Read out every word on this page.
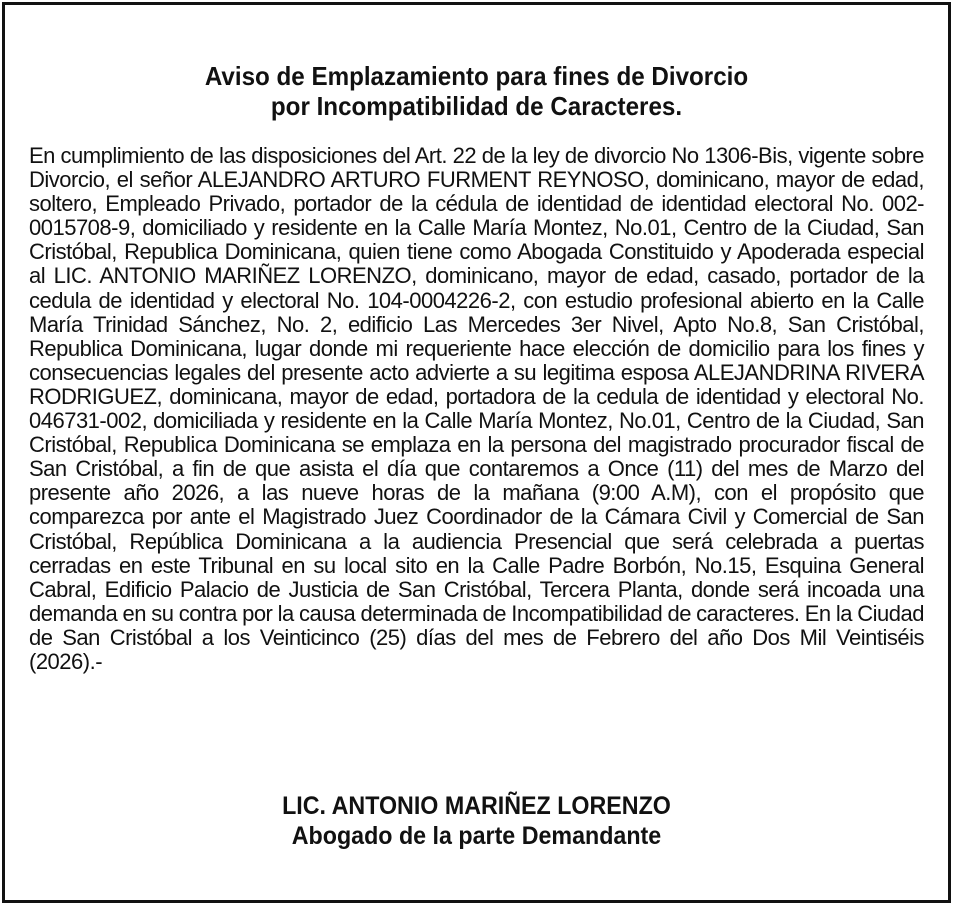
Aviso de Emplazamiento para fines de Divorcio
por Incompatibilidad de Caracteres.
En cumplimiento de las disposiciones del Art. 22 de la ley de divorcio No 1306-Bis, vigente sobre Divorcio, el señor ALEJANDRO ARTURO FURMENT REYNOSO, dominicano, mayor de edad, soltero, Empleado Privado, portador de la cédula de identidad de identidad electoral No. 002-0015708-9, domiciliado y residente en la Calle María Montez, No.01, Centro de la Ciudad, San Cristóbal, Republica Dominicana, quien tiene como Abogada Constituido y Apoderada especial al LIC. ANTONIO MARIÑEZ LORENZO, dominicano, mayor de edad, casado, portador de la cedula de identidad y electoral No. 104-0004226-2, con estudio profesional abierto en la Calle María Trinidad Sánchez, No. 2, edificio Las Mercedes 3er Nivel, Apto No.8, San Cristóbal, Republica Dominicana, lugar donde mi requeriente hace elección de domicilio para los fines y consecuencias legales del presente acto advierte a su legitima esposa ALEJANDRINA RIVERA RODRIGUEZ, dominicana, mayor de edad, portadora de la cedula de identidad y electoral No. 046731-002, domiciliada y residente en la Calle María Montez, No.01, Centro de la Ciudad, San Cristóbal, Republica Dominicana se emplaza en la persona del magistrado procurador fiscal de San Cristóbal, a fin de que asista el día que contaremos a Once (11) del mes de Marzo del presente año 2026, a las nueve horas de la mañana (9:00 A.M), con el propósito que comparezca por ante el Magistrado Juez Coordinador de la Cámara Civil y Comercial de San Cristóbal, República Dominicana a la audiencia Presencial que será celebrada a puertas cerradas en este Tribunal en su local sito en la Calle Padre Borbón, No.15, Esquina General Cabral, Edificio Palacio de Justicia de San Cristóbal, Tercera Planta, donde será incoada una demanda en su contra por la causa determinada de Incompatibilidad de caracteres. En la Ciudad de San Cristóbal a los Veinticinco (25) días del mes de Febrero del año Dos Mil Veintiséis (2026).-
LIC. ANTONIO MARIÑEZ LORENZO
Abogado de la parte Demandante
